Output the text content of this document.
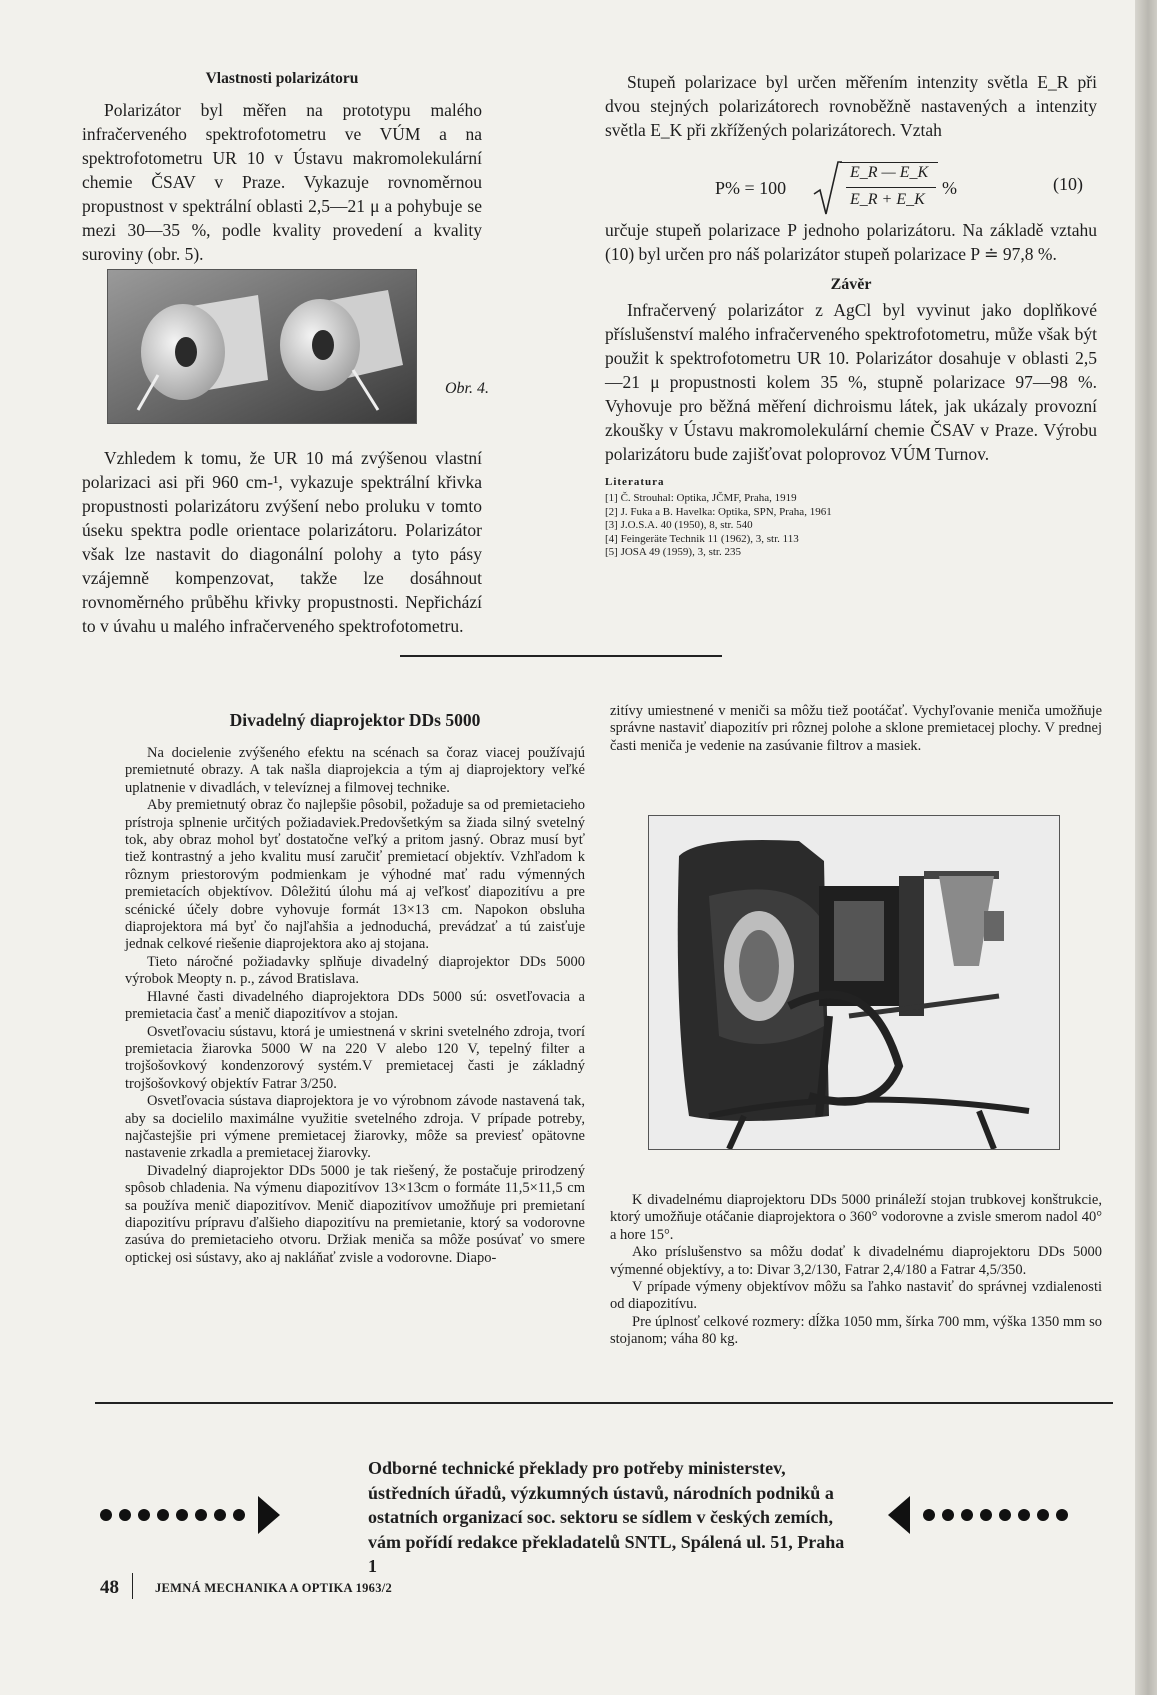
Vlastnosti polarizátoru

Polarizátor byl měřen na prototypu malého infračerveného spektrofotometru ve VÚM a na spektrofotometru UR 10 v Ústavu makromolekulární chemie ČSAV v Praze. Vykazuje rovnoměrnou propustnost v spektrální oblasti 2,5—21 μ a pohybuje se mezi 30—35 %, podle kvality provedení a kvality suroviny (obr. 5).

Obr. 4.

Vzhledem k tomu, že UR 10 má zvýšenou vlastní polarizaci asi při 960 cm-¹, vykazuje spektrální křivka propustnosti polarizátoru zvýšení nebo proluku v tomto úseku spektra podle orientace polarizátoru. Polarizátor však lze nastavit do diagonální polohy a tyto pásy vzájemně kompenzovat, takže lze dosáhnout rovnoměrného průběhu křivky propustnosti. Nepřichází to v úvahu u malého infračerveného spektrofotometru.

Stupeň polarizace byl určen měřením intenzity světla E_R při dvou stejných polarizátorech rovnoběžně nastavených a intenzity světla E_K při zkřížených polarizátorech. Vztah

P% = 100
E_R — E_K
E_R + E_K
%	(10)

určuje stupeň polarizace P jednoho polarizátoru. Na základě vztahu (10) byl určen pro náš polarizátor stupeň polarizace P ≐ 97,8 %.

Závěr

Infračervený polarizátor z AgCl byl vyvinut jako doplňkové příslušenství malého infračerveného spektrofotometru, může však být použit k spektrofotometru UR 10. Polarizátor dosahuje v oblasti 2,5—21 μ propustnosti kolem 35 %, stupně polarizace 97—98 %. Vyhovuje pro běžná měření dichroismu látek, jak ukázaly provozní zkoušky v Ústavu makromolekulární chemie ČSAV v Praze. Výrobu polarizátoru bude zajišťovat poloprovoz VÚM Turnov.

Literatura
[1] Č. Strouhal: Optika, JČMF, Praha, 1919
[2] J. Fuka a B. Havelka: Optika, SPN, Praha, 1961
[3] J.O.S.A. 40 (1950), 8, str. 540
[4] Feingeräte Technik 11 (1962), 3, str. 113
[5] JOSA 49 (1959), 3, str. 235
Divadelný diaprojektor DDs 5000

Na docielenie zvýšeného efektu na scénach sa čoraz viacej používajú premietnuté obrazy. A tak našla diaprojekcia a tým aj diaprojektory veľké uplatnenie v divadlách, v televíznej a filmovej technike.

Aby premietnutý obraz čo najlepšie pôsobil, požaduje sa od premietacieho prístroja splnenie určitých požiadaviek.Predovšetkým sa žiada silný svetelný tok, aby obraz mohol byť dostatočne veľký a pritom jasný. Obraz musí byť tiež kontrastný a jeho kvalitu musí zaručiť premietací objektív. Vzhľadom k rôznym priestorovým podmienkam je výhodné mať radu výmenných premietacích objektívov. Dôležitú úlohu má aj veľkosť diapozitívu a pre scénické účely dobre vyhovuje formát 13×13 cm. Napokon obsluha diaprojektora má byť čo najľahšia a jednoduchá, prevádzať a tú zaisťuje jednak celkové riešenie diaprojektora ako aj stojana.

Tieto náročné požiadavky splňuje divadelný diaprojektor DDs 5000 výrobok Meopty n. p., závod Bratislava.

Hlavné časti divadelného diaprojektora DDs 5000 sú: osvetľovacia a premietacia časť a menič diapozitívov a stojan.

Osvetľovaciu sústavu, ktorá je umiestnená v skrini svetelného zdroja, tvorí premietacia žiarovka 5000 W na 220 V alebo 120 V, tepelný filter a trojšošovkový kondenzorový systém.V premietacej časti je základný trojšošovkový objektív Fatrar 3/250.

Osvetľovacia sústava diaprojektora je vo výrobnom závode nastavená tak, aby sa docielilo maximálne využitie svetelného zdroja. V prípade potreby, najčastejšie pri výmene premietacej žiarovky, môže sa previesť opätovne nastavenie zrkadla a premietacej žiarovky.

Divadelný diaprojektor DDs 5000 je tak riešený, že postačuje prirodzený spôsob chladenia. Na výmenu diapozitívov 13×13cm o formáte 11,5×11,5 cm sa používa menič diapozitívov. Menič diapozitívov umožňuje pri premietaní diapozitívu prípravu ďalšieho diapozitívu na premietanie, ktorý sa vodorovne zasúva do premietacieho otvoru. Držiak meniča sa môže posúvať vo smere optickej osi sústavy, ako aj nakláňať zvisle a vodorovne. Diapo-

zitívy umiestnené v meniči sa môžu tiež pootáčať. Vychyľovanie meniča umožňuje správne nastaviť diapozitív pri rôznej polohe a sklone premietacej plochy. V prednej časti meniča je vedenie na zasúvanie filtrov a masiek.

K divadelnému diaprojektoru DDs 5000 prináleží stojan trubkovej konštrukcie, ktorý umožňuje otáčanie diaprojektora o 360° vodorovne a zvisle smerom nadol 40° a hore 15°.

Ako príslušenstvo sa môžu dodať k divadelnému diaprojektoru DDs 5000 výmenné objektívy, a to: Divar 3,2/130, Fatrar 2,4/180 a Fatrar 4,5/350.

V prípade výmeny objektívov môžu sa ľahko nastaviť do správnej vzdialenosti od diapozitívu.

Pre úplnosť celkové rozmery: dĺžka 1050 mm, šírka 700 mm, výška 1350 mm so stojanom; váha 80 kg.

Odborné technické překlady pro potřeby ministerstev, ústředních úřadů, výzkumných ústavů, národních podniků a ostatních organizací soc. sektoru se sídlem v českých zemích, vám pořídí redakce překladatelů SNTL, Spálená ul. 51, Praha 1
48	JEMNÁ MECHANIKA A OPTIKA 1963/2
